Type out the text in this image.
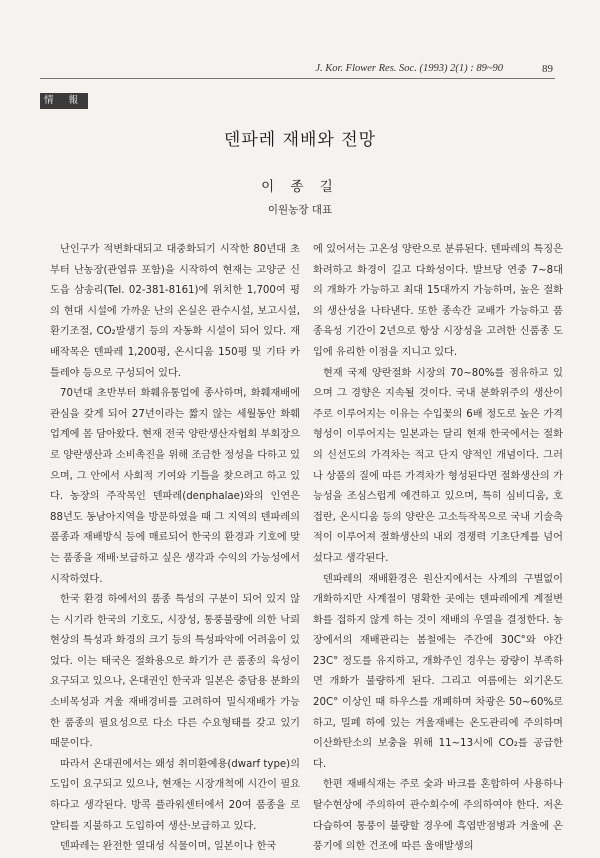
J. Kor. Flower Res. Soc. (1993) 2(1) : 89~90	89
情 報
덴파레 재배와 전망
이 종 길
이원농장 대표

난인구가 적변화대되고 대중화되기 시작한 80년대 초부터 난농장(관엽류 포함)을 시작하여 현재는 고양군 신도읍 삼송리(Tel. 02-381-8161)에 위치한 1,700여 평의 현대 시설에 가까운 난의 온실은 관수시설, 보고시설, 환기조절, CO₂발생기 등의 자동화 시설이 되어 있다. 재배작목은 덴파레 1,200평, 온시디움 150평 및 기타 카틀레야 등으로 구성되어 있다.

70년대 초반부터 화훼유통업에 종사하며, 화훼재배에 관심을 갖게 되어 27년이라는 짧지 않는 세월동안 화훼업계에 몸 담아왔다. 현재 전국 양란생산자협회 부회장으로 양란생산과 소비촉진을 위해 조금한 정성을 다하고 있으며, 그 안에서 사회적 기여와 기틀을 찾으려고 하고 있다. 농장의 주작목인 덴파레(denphalae)와의 인연은 88년도 동남아지역을 방문하였을 때 그 지역의 덴파레의 품종과 재배방식 등에 매료되어 한국의 환경과 기호에 맞는 품종을 재배·보급하고 싶은 생각과 수익의 가능성에서 시작하였다.

한국 환경 하에서의 품종 특성의 구분이 되어 있지 않는 시기라 한국의 기호도, 시장성, 통풍불량에 의한 낙뢰현상의 특성과 화경의 크기 등의 특성파악에 어려움이 있었다. 이는 태국은 절화용으로 화기가 큰 품종의 육성이 요구되고 있으나, 온대권인 한국과 일본은 중담용 분화의 소비목성과 겨울 재배경비를 고려하여 밀식재배가 가능한 품종의 필요성으로 다소 다른 수요형태를 갖고 있기 때문이다.

따라서 온대권에서는 왜성 취미환예용(dwarf type)의 도입이 요구되고 있으나, 현재는 시장개척에 시간이 필요하다고 생각된다. 방콕 플라워센터에서 20여 품종을 로얄티를 지불하고 도입하여 생산·보급하고 있다.

덴파레는 완전한 열대성 식물이며, 일본이나 한국

에 있어서는 고온성 양란으로 분류된다. 덴파레의 특징은 화려하고 화경이 길고 다화성이다. 발브당 연중 7~8대의 개화가 가능하고 최대 15대까지 가능하며, 높은 절화의 생산성을 나타낸다. 또한 종속간 교배가 가능하고 품종육성 기간이 2년으로 항상 시장성을 고려한 신품종 도입에 유리한 이점을 지니고 있다.

현재 국제 양란절화 시장의 70~80%를 점유하고 있으며 그 경향은 지속될 것이다. 국내 분화위주의 생산이 주로 이루어지는 이유는 수입꽃의 6배 정도로 높은 가격형성이 이루어지는 일본과는 달리 현재 한국에서는 절화의 신선도의 가격차는 적고 단지 양적인 개념이다. 그러나 상품의 질에 따른 가격차가 형성된다면 절화생산의 가능성을 조심스럽게 예견하고 있으며, 특히 심비디움, 호접란, 온시디움 등의 양란은 고소득작목으로 국내 기술축적이 이루어져 절화생산의 내외 경쟁력 기초단계를 넘어 섰다고 생각된다.

덴파레의 재배환경은 원산지에서는 사계의 구별없이 개화하지만 사계절이 명확한 곳에는 덴파레에게 계절변화를 접하지 않게 하는 것이 재배의 우열을 결정한다. 농장에서의 재배관리는 봄철에는 주간에 30C°와 야간 23C° 정도를 유지하고, 개화주인 경우는 광량이 부족하면 개화가 불량하게 된다. 그리고 여름에는 외기온도 20C° 이상인 때 하우스를 개폐하며 차광은 50~60%로 하고, 밀폐 하에 있는 겨울재배는 온도관리에 주의하며 이산화탄소의 보충을 위해 11~13시에 CO₂를 공급한다.

한편 재배식재는 주로 숯과 바크를 혼합하여 사용하나 탈수현상에 주의하여 관수회수에 주의하여야 한다. 저온다습하여 통풍이 불량할 경우에 흑엽반점병과 겨울에 온풍기에 의한 건조에 따른 울애발생의
